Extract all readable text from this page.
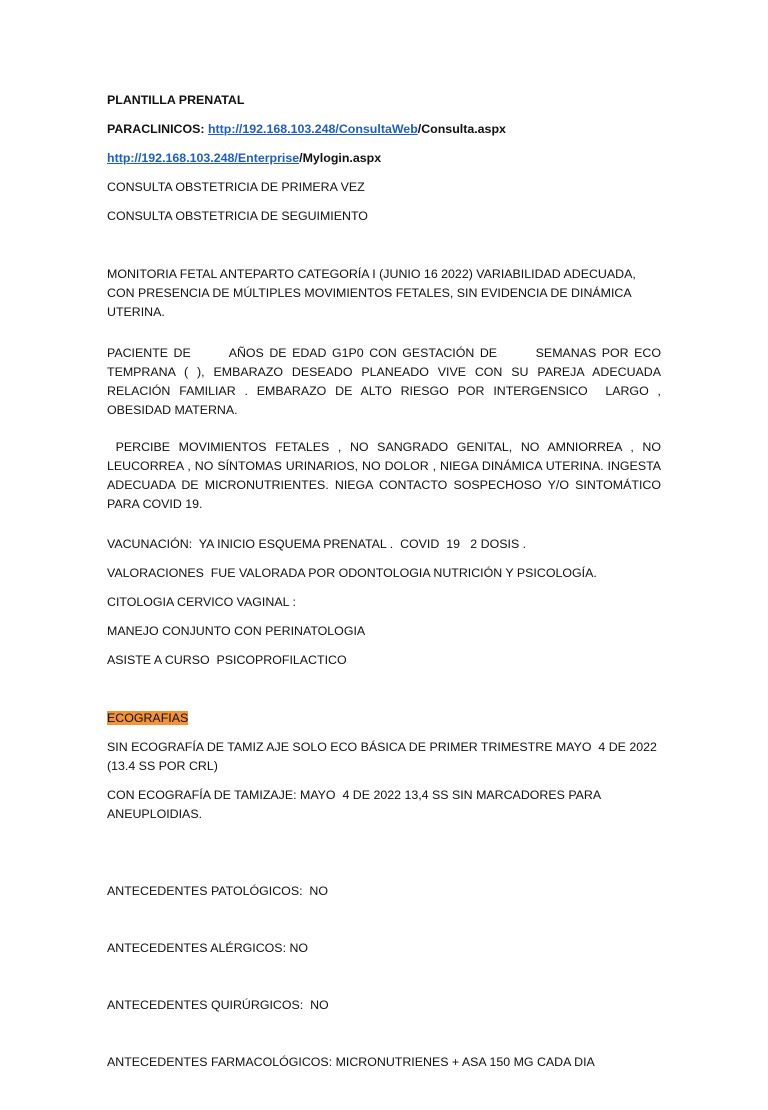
PLANTILLA PRENATAL

PARACLINICOS: http://192.168.103.248/ConsultaWeb/Consulta.aspx

http://192.168.103.248/Enterprise/Mylogin.aspx

CONSULTA OBSTETRICIA DE PRIMERA VEZ

CONSULTA OBSTETRICIA DE SEGUIMIENTO

MONITORIA FETAL ANTEPARTO CATEGORÍA I (JUNIO 16 2022) VARIABILIDAD ADECUADA, CON PRESENCIA DE MÚLTIPLES MOVIMIENTOS FETALES, SIN EVIDENCIA DE DINÁMICA UTERINA.

PACIENTE DE       AÑOS DE EDAD G1P0 CON GESTACIÓN DE       SEMANAS POR ECO TEMPRANA ( ), EMBARAZO DESEADO PLANEADO VIVE CON SU PAREJA ADECUADA RELACIÓN FAMILIAR . EMBARAZO DE ALTO RIESGO POR INTERGENSICO  LARGO , OBESIDAD MATERNA.

PERCIBE MOVIMIENTOS FETALES , NO SANGRADO GENITAL, NO AMNIORREA , NO LEUCORREA , NO SÍNTOMAS URINARIOS, NO DOLOR , NIEGA DINÁMICA UTERINA. INGESTA ADECUADA DE MICRONUTRIENTES. NIEGA CONTACTO SOSPECHOSO Y/O SINTOMÁTICO PARA COVID 19.

VACUNACIÓN:  YA INICIO ESQUEMA PRENATAL .  COVID  19   2 DOSIS .

VALORACIONES  FUE VALORADA POR ODONTOLOGIA NUTRICIÓN Y PSICOLOGÍA.

CITOLOGIA CERVICO VAGINAL :

MANEJO CONJUNTO CON PERINATOLOGIA

ASISTE A CURSO  PSICOPROFILACTICO

ECOGRAFIAS

SIN ECOGRAFÍA DE TAMIZ AJE SOLO ECO BÁSICA DE PRIMER TRIMESTRE MAYO  4 DE 2022 (13.4 SS POR CRL)

CON ECOGRAFÍA DE TAMIZAJE: MAYO  4 DE 2022 13,4 SS SIN MARCADORES PARA ANEUPLOIDIAS.

ANTECEDENTES PATOLÓGICOS:  NO

ANTECEDENTES ALÉRGICOS: NO

ANTECEDENTES QUIRÚRGICOS:  NO

ANTECEDENTES FARMACOLÓGICOS: MICRONUTRIENES + ASA 150 MG CADA DIA
